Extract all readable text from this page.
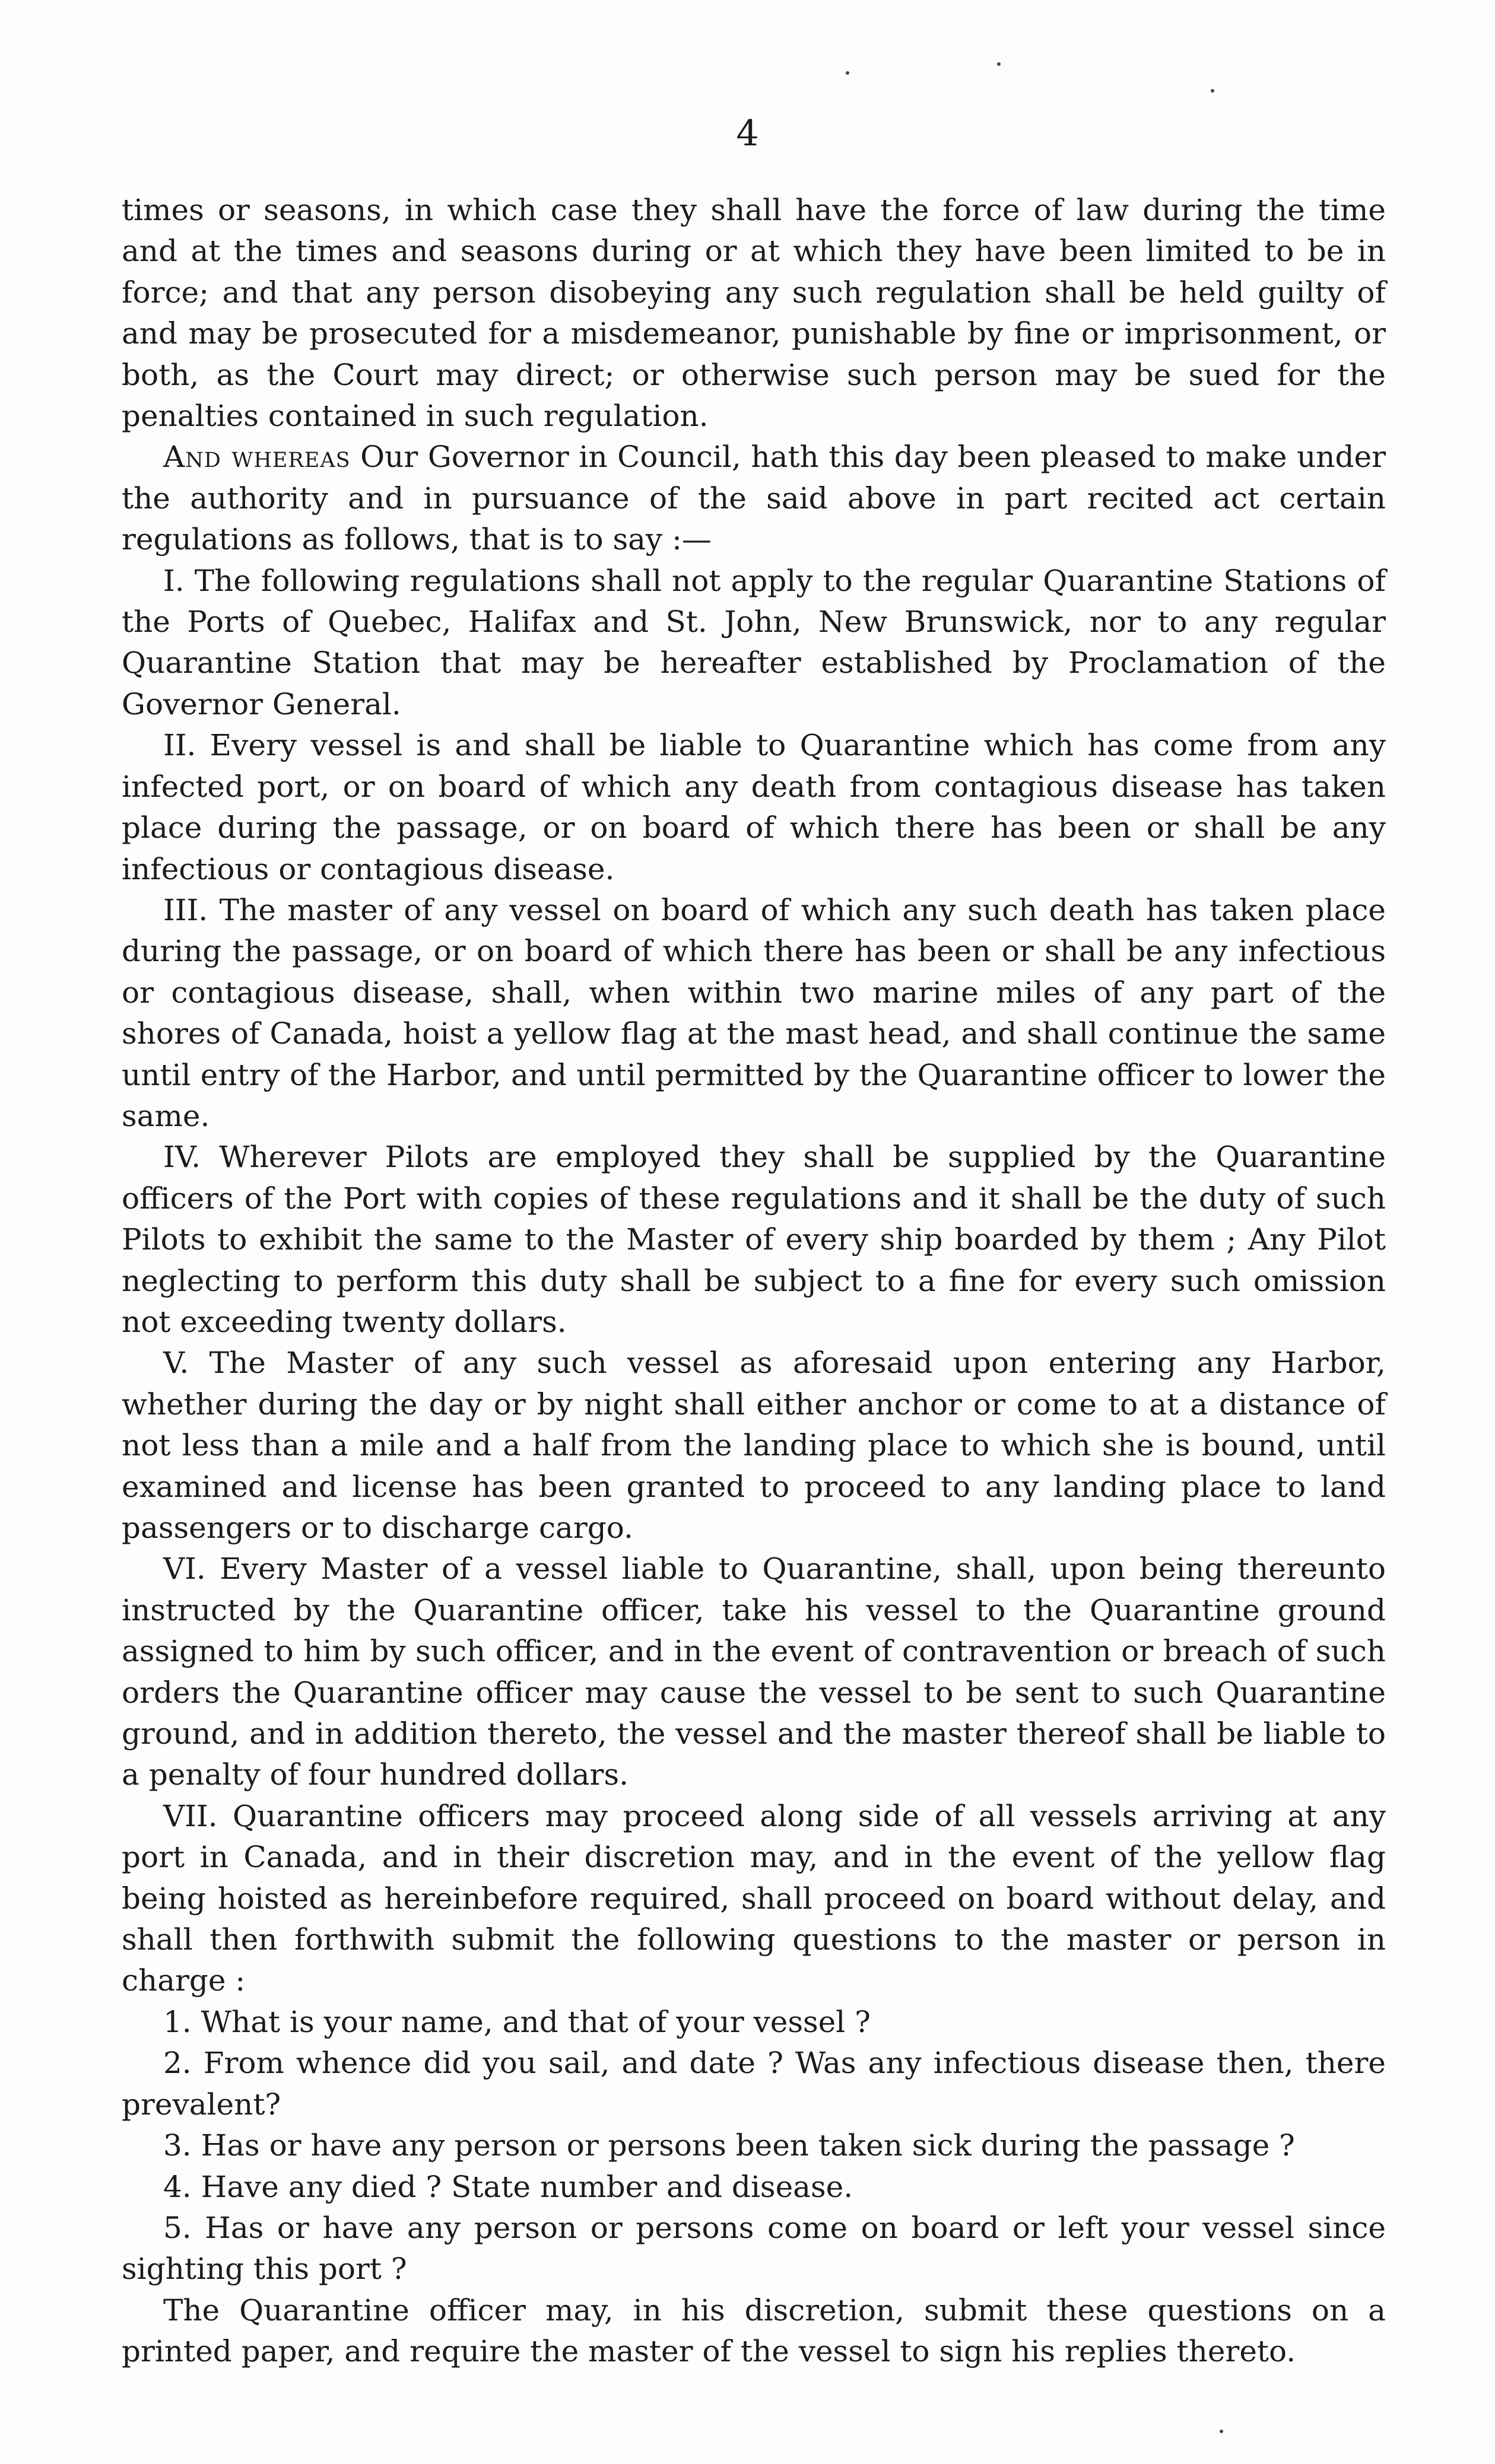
4

times or seasons, in which case they shall have the force of law during the time and at the times and seasons during or at which they have been limited to be in force; and that any person disobeying any such regulation shall be held guilty of and may be prosecuted for a misdemeanor, punishable by fine or imprisonment, or both, as the Court may direct; or otherwise such person may be sued for the penalties contained in such regulation.

And whereas Our Governor in Council, hath this day been pleased to make under the authority and in pursuance of the said above in part recited act certain regulations as follows, that is to say :—

I. The following regulations shall not apply to the regular Quarantine Stations of the Ports of Quebec, Halifax and St. John, New Brunswick, nor to any regular Quarantine Station that may be hereafter established by Proclamation of the Governor General.

II. Every vessel is and shall be liable to Quarantine which has come from any infected port, or on board of which any death from contagious disease has taken place during the passage, or on board of which there has been or shall be any infectious or contagious disease.

III. The master of any vessel on board of which any such death has taken place during the passage, or on board of which there has been or shall be any infectious or contagious disease, shall, when within two marine miles of any part of the shores of Canada, hoist a yellow flag at the mast head, and shall continue the same until entry of the Harbor, and until permitted by the Quarantine officer to lower the same.

IV. Wherever Pilots are employed they shall be supplied by the Quarantine officers of the Port with copies of these regulations and it shall be the duty of such Pilots to exhibit the same to the Master of every ship boarded by them ; Any Pilot neglecting to perform this duty shall be subject to a fine for every such omission not exceeding twenty dollars.

V. The Master of any such vessel as aforesaid upon entering any Harbor, whether during the day or by night shall either anchor or come to at a distance of not less than a mile and a half from the landing place to which she is bound, until examined and license has been granted to proceed to any landing place to land passengers or to discharge cargo.

VI. Every Master of a vessel liable to Quarantine, shall, upon being thereunto instructed by the Quarantine officer, take his vessel to the Quarantine ground assigned to him by such officer, and in the event of contravention or breach of such orders the Quarantine officer may cause the vessel to be sent to such Quarantine ground, and in addition thereto, the vessel and the master thereof shall be liable to a penalty of four hundred dollars.

VII. Quarantine officers may proceed along side of all vessels arriving at any port in Canada, and in their discretion may, and in the event of the yellow flag being hoisted as hereinbefore required, shall proceed on board without delay, and shall then forthwith submit the following questions to the master or person in charge :

1. What is your name, and that of your vessel ?

2. From whence did you sail, and date ? Was any infectious disease then, there prevalent?

3. Has or have any person or persons been taken sick during the passage ?

4. Have any died ? State number and disease.

5. Has or have any person or persons come on board or left your vessel since sighting this port ?

The Quarantine officer may, in his discretion, submit these questions on a printed paper, and require the master of the vessel to sign his replies thereto.
